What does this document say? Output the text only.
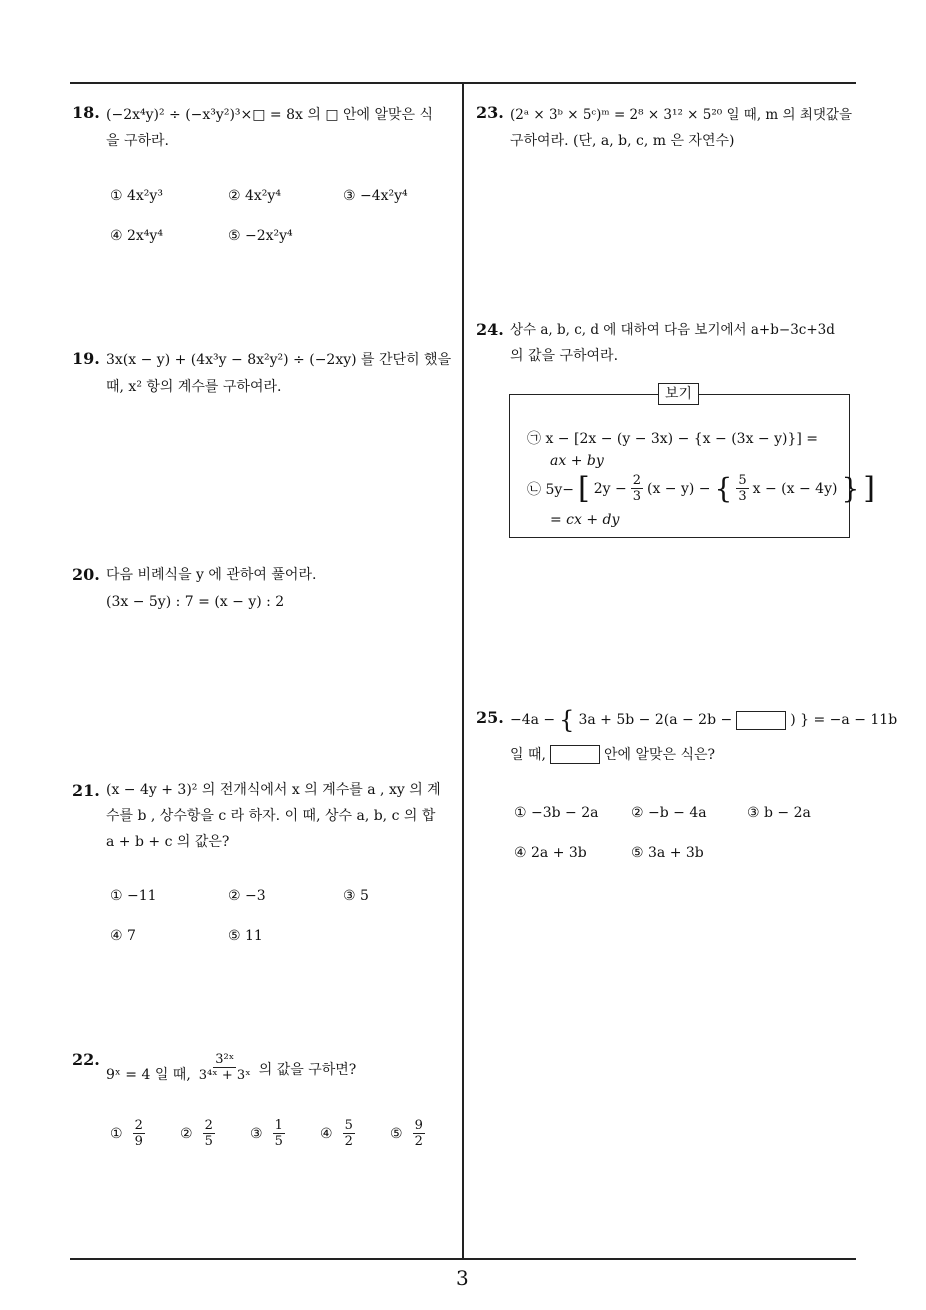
3
18. (−2x⁴y)² ÷ (−x³y²)³×□ = 8x 의 □ 안에 알맞은 식
을 구하라.
① 4x²y³	② 4x²y⁴	③ −4x²y⁴
④ 2x⁴y⁴	⑤ −2x²y⁴
19. 3x(x − y) + (4x³y − 8x²y²) ÷ (−2xy) 를 간단히 했을
때, x² 항의 계수를 구하여라.
20. 다음 비례식을 y 에 관하여 풀어라.
(3x − 5y) : 7 = (x − y) : 2
21. (x − 4y + 3)² 의 전개식에서 x 의 계수를 a , xy 의 계
수를 b , 상수항을 c 라 하자. 이 때, 상수 a, b, c 의 합
a + b + c 의 값은?
① −11	② −3	③ 5
④ 7	⑤ 11
22.
9ˣ = 4 일 때, $\frac{\text{3²ˣ}}{\text{3⁴ˣ + 3ˣ}}$ 의 값을 구하면?
① $\frac{2}{9}$	② $\frac{2}{5}$	③ $\frac{1}{5}$	④ $\frac{5}{2}$	⑤ $\frac{9}{2}$
23. (2ᵃ × 3ᵇ × 5ᶜ)ᵐ = 2⁸ × 3¹² × 5²⁰ 일 때, m 의 최댓값을
구하여라. (단, a, b, c, m 은 자연수)
24. 상수 a, b, c, d 에 대하여 다음 보기에서 a+b−3c+3d
의 값을 구하여라.
보기
㉠ x − [2x − (y − 3x) − {x − (3x − y)}] =
ax + by
㉡ 5y− [ $2y - \frac{2}{3} (x - y)$ − { $\frac{5}{3}$ x − (x − 4y) } ]
= cx + dy
25. −4a − { 3a + 5b − 2(a − 2b −	) } = −a − 11b
일 때,	안에 알맞은 식은?
① −3b − 2a ② −b − 4a	③ b − 2a
④ 2a + 3b	⑤ 3a + 3b
